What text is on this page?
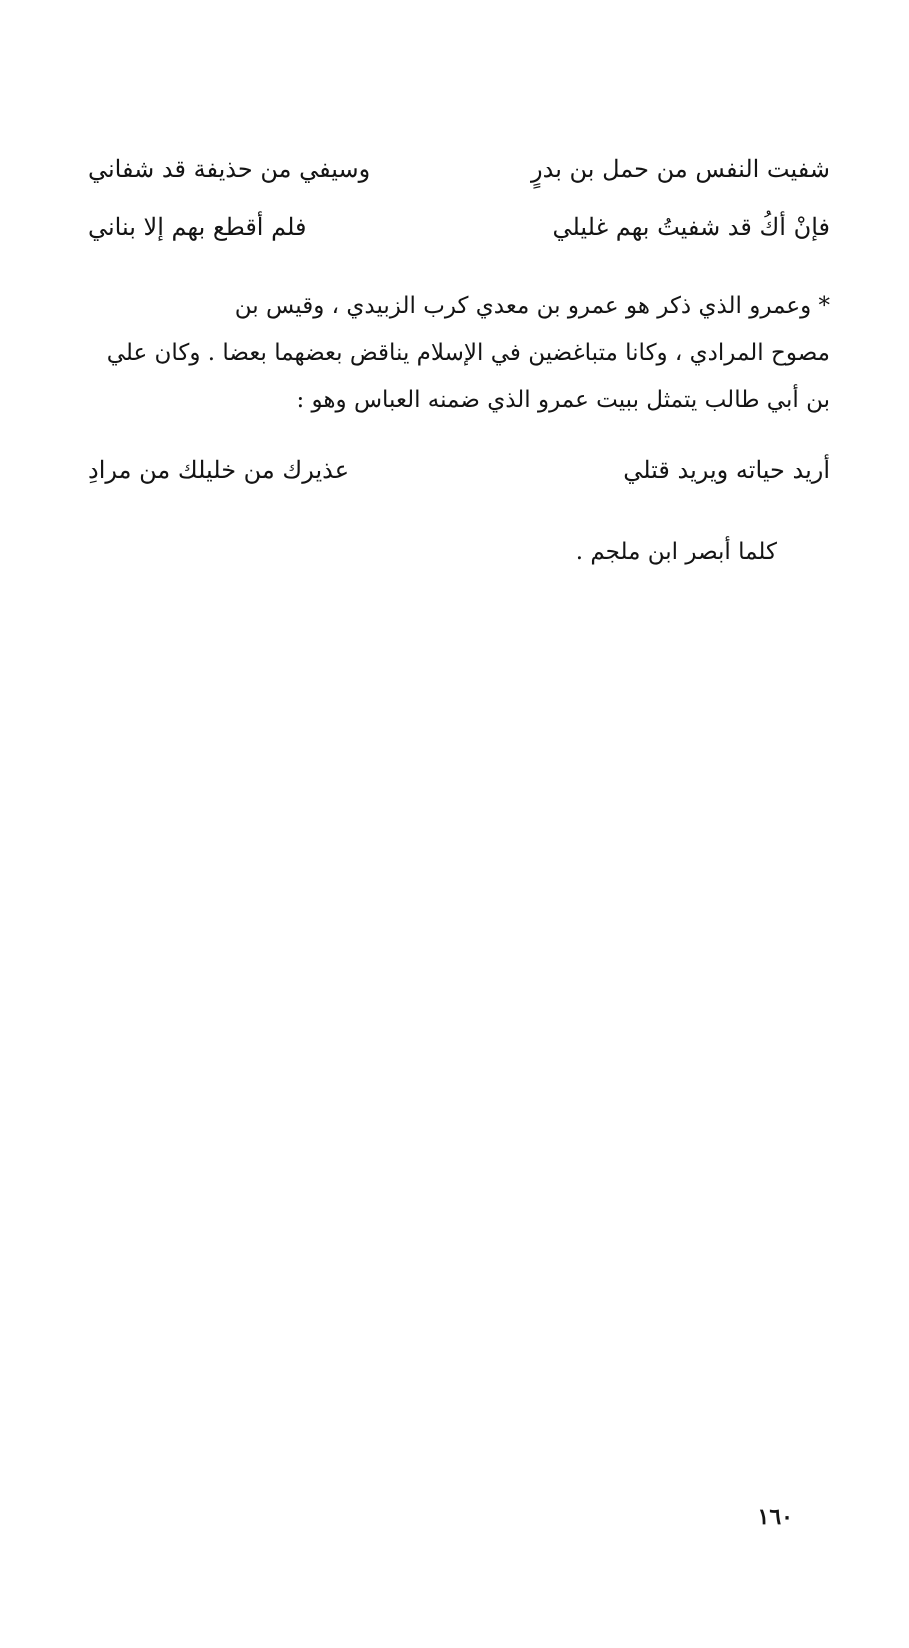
شفيت النفس من حمل بن بدرٍ
وسيفي من حذيفة قد شفاني
فإنْ أكُ قد شفيتُ بهم غليلي
فلم أقطع بهم إلا بناني
* وعمرو الذي ذكر هو عمرو بن معدي كرب الزبيدي ، وقيس بن
مصوح المرادي ، وكانا متباغضين في الإسلام يناقض بعضهما بعضا . وكان علي
بن أبي طالب يتمثل ببيت عمرو الذي ضمنه العباس وهو :
أريد حياته ويريد قتلي
عذيرك من خليلك من مرادِ
كلما أبصر ابن ملجم .
١٦٠
